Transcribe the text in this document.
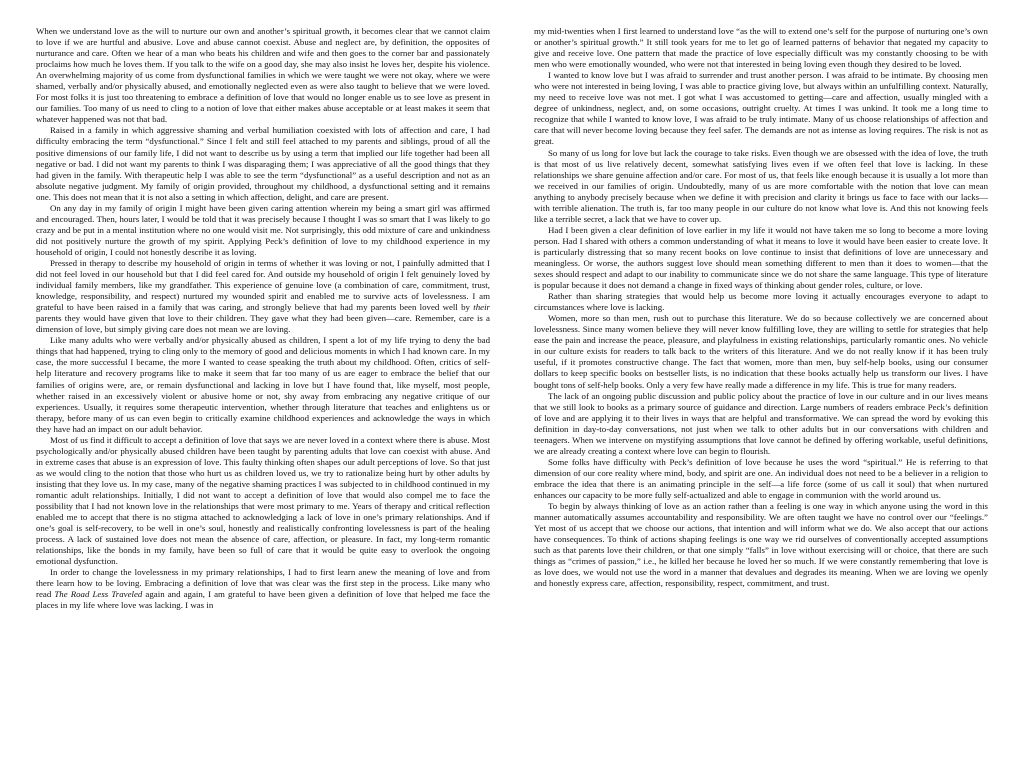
When we understand love as the will to nurture our own and another’s spiritual growth, it becomes clear that we cannot claim to love if we are hurtful and abusive. Love and abuse cannot coexist. Abuse and neglect are, by definition, the opposites of nurturance and care. Often we hear of a man who beats his children and wife and then goes to the corner bar and passionately proclaims how much he loves them. If you talk to the wife on a good day, she may also insist he loves her, despite his violence. An overwhelming majority of us come from dysfunctional families in which we were taught we were not okay, where we were shamed, verbally and/or physically abused, and emotionally neglected even as were also taught to believe that we were loved. For most folks it is just too threatening to embrace a definition of love that would no longer enable us to see love as present in our families. Too many of us need to cling to a notion of love that either makes abuse acceptable or at least makes it seem that whatever happened was not that bad.

Raised in a family in which aggressive shaming and verbal humiliation coexisted with lots of affection and care, I had difficulty embracing the term “dysfunctional.” Since I felt and still feel attached to my parents and siblings, proud of all the positive dimensions of our family life, I did not want to describe us by using a term that implied our life together had been all negative or bad. I did not want my parents to think I was disparaging them; I was appreciative of all the good things that they had given in the family. With therapeutic help I was able to see the term “dysfunctional” as a useful description and not as an absolute negative judgment. My family of origin provided, throughout my childhood, a dysfunctional setting and it remains one. This does not mean that it is not also a setting in which affection, delight, and care are present.

On any day in my family of origin I might have been given caring attention wherein my being a smart girl was affirmed and encouraged. Then, hours later, I would be told that it was precisely because I thought I was so smart that I was likely to go crazy and be put in a mental institution where no one would visit me. Not surprisingly, this odd mixture of care and unkindness did not positively nurture the growth of my spirit. Applying Peck’s definition of love to my childhood experience in my household of origin, I could not honestly describe it as loving.

Pressed in therapy to describe my household of origin in terms of whether it was loving or not, I painfully admitted that I did not feel loved in our household but that I did feel cared for. And outside my household of origin I felt genuinely loved by individual family members, like my grandfather. This experience of genuine love (a combination of care, commitment, trust, knowledge, responsibility, and respect) nurtured my wounded spirit and enabled me to survive acts of lovelessness. I am grateful to have been raised in a family that was caring, and strongly believe that had my parents been loved well by their parents they would have given that love to their children. They gave what they had been given—care. Remember, care is a dimension of love, but simply giving care does not mean we are loving.

Like many adults who were verbally and/or physically abused as children, I spent a lot of my life trying to deny the bad things that had happened, trying to cling only to the memory of good and delicious moments in which I had known care. In my case, the more successful I became, the more I wanted to cease speaking the truth about my childhood. Often, critics of self-help literature and recovery programs like to make it seem that far too many of us are eager to embrace the belief that our families of origins were, are, or remain dysfunctional and lacking in love but I have found that, like myself, most people, whether raised in an excessively violent or abusive home or not, shy away from embracing any negative critique of our experiences. Usually, it requires some therapeutic intervention, whether through literature that teaches and enlightens us or therapy, before many of us can even begin to critically examine childhood experiences and acknowledge the ways in which they have had an impact on our adult behavior.

Most of us find it difficult to accept a definition of love that says we are never loved in a context where there is abuse. Most psychologically and/or physically abused children have been taught by parenting adults that love can coexist with abuse. And in extreme cases that abuse is an expression of love. This faulty thinking often shapes our adult perceptions of love. So that just as we would cling to the notion that those who hurt us as children loved us, we try to rationalize being hurt by other adults by insisting that they love us. In my case, many of the negative shaming practices I was subjected to in childhood continued in my romantic adult relationships. Initially, I did not want to accept a definition of love that would also compel me to face the possibility that I had not known love in the relationships that were most primary to me. Years of therapy and critical reflection enabled me to accept that there is no stigma attached to acknowledging a lack of love in one’s primary relationships. And if one’s goal is self-recovery, to be well in one’s soul, honestly and realistically confronting lovelessness is part of the healing process. A lack of sustained love does not mean the absence of care, affection, or pleasure. In fact, my long-term romantic relationships, like the bonds in my family, have been so full of care that it would be quite easy to overlook the ongoing emotional dysfunction.

In order to change the lovelessness in my primary relationships, I had to first learn anew the meaning of love and from there learn how to be loving. Embracing a definition of love that was clear was the first step in the process. Like many who read The Road Less Traveled again and again, I am grateful to have been given a definition of love that helped me face the places in my life where love was lacking. I was in

my mid-twenties when I first learned to understand love “as the will to extend one’s self for the purpose of nurturing one’s own or another’s spiritual growth.” It still took years for me to let go of learned patterns of behavior that negated my capacity to give and receive love. One pattern that made the practice of love especially difficult was my constantly choosing to be with men who were emotionally wounded, who were not that interested in being loving even though they desired to be loved.

I wanted to know love but I was afraid to surrender and trust another person. I was afraid to be intimate. By choosing men who were not interested in being loving, I was able to practice giving love, but always within an unfulfilling context. Naturally, my need to receive love was not met. I got what I was accustomed to getting—care and affection, usually mingled with a degree of unkindness, neglect, and, on some occasions, outright cruelty. At times I was unkind. It took me a long time to recognize that while I wanted to know love, I was afraid to be truly intimate. Many of us choose relationships of affection and care that will never become loving because they feel safer. The demands are not as intense as loving requires. The risk is not as great.

So many of us long for love but lack the courage to take risks. Even though we are obsessed with the idea of love, the truth is that most of us live relatively decent, somewhat satisfying lives even if we often feel that love is lacking. In these relationships we share genuine affection and/or care. For most of us, that feels like enough because it is usually a lot more than we received in our families of origin. Undoubtedly, many of us are more comfortable with the notion that love can mean anything to anybody precisely because when we define it with precision and clarity it brings us face to face with our lacks—with terrible alienation. The truth is, far too many people in our culture do not know what love is. And this not knowing feels like a terrible secret, a lack that we have to cover up.

Had I been given a clear definition of love earlier in my life it would not have taken me so long to become a more loving person. Had I shared with others a common understanding of what it means to love it would have been easier to create love. It is particularly distressing that so many recent books on love continue to insist that definitions of love are unnecessary and meaningless. Or worse, the authors suggest love should mean something different to men than it does to women—that the sexes should respect and adapt to our inability to communicate since we do not share the same language. This type of literature is popular because it does not demand a change in fixed ways of thinking about gender roles, culture, or love.

Rather than sharing strategies that would help us become more loving it actually encourages everyone to adapt to circumstances where love is lacking.

Women, more so than men, rush out to purchase this literature. We do so because collectively we are concerned about lovelessness. Since many women believe they will never know fulfilling love, they are willing to settle for strategies that help ease the pain and increase the peace, pleasure, and playfulness in existing relationships, particularly romantic ones. No vehicle in our culture exists for readers to talk back to the writers of this literature. And we do not really know if it has been truly useful, if it promotes constructive change. The fact that women, more than men, buy self-help books, using our consumer dollars to keep specific books on bestseller lists, is no indication that these books actually help us transform our lives. I have bought tons of self-help books. Only a very few have really made a difference in my life. This is true for many readers.

The lack of an ongoing public discussion and public policy about the practice of love in our culture and in our lives means that we still look to books as a primary source of guidance and direction. Large numbers of readers embrace Peck’s definition of love and are applying it to their lives in ways that are helpful and transformative. We can spread the word by evoking this definition in day-to-day conversations, not just when we talk to other adults but in our conversations with children and teenagers. When we intervene on mystifying assumptions that love cannot be defined by offering workable, useful definitions, we are already creating a context where love can begin to flourish.

Some folks have difficulty with Peck’s definition of love because he uses the word “spiritual.” He is referring to that dimension of our core reality where mind, body, and spirit are one. An individual does not need to be a believer in a religion to embrace the idea that there is an animating principle in the self—a life force (some of us call it soul) that when nurtured enhances our capacity to be more fully self-actualized and able to engage in communion with the world around us.

To begin by always thinking of love as an action rather than a feeling is one way in which anyone using the word in this manner automatically assumes accountability and responsibility. We are often taught we have no control over our “feelings.” Yet most of us accept that we choose our actions, that intention and will inform what we do. We also accept that our actions have consequences. To think of actions shaping feelings is one way we rid ourselves of conventionally accepted assumptions such as that parents love their children, or that one simply “falls” in love without exercising will or choice, that there are such things as “crimes of passion,” i.e., he killed her because he loved her so much. If we were constantly remembering that love is as love does, we would not use the word in a manner that devalues and degrades its meaning. When we are loving we openly and honestly express care, affection, responsibility, respect, commitment, and trust.
